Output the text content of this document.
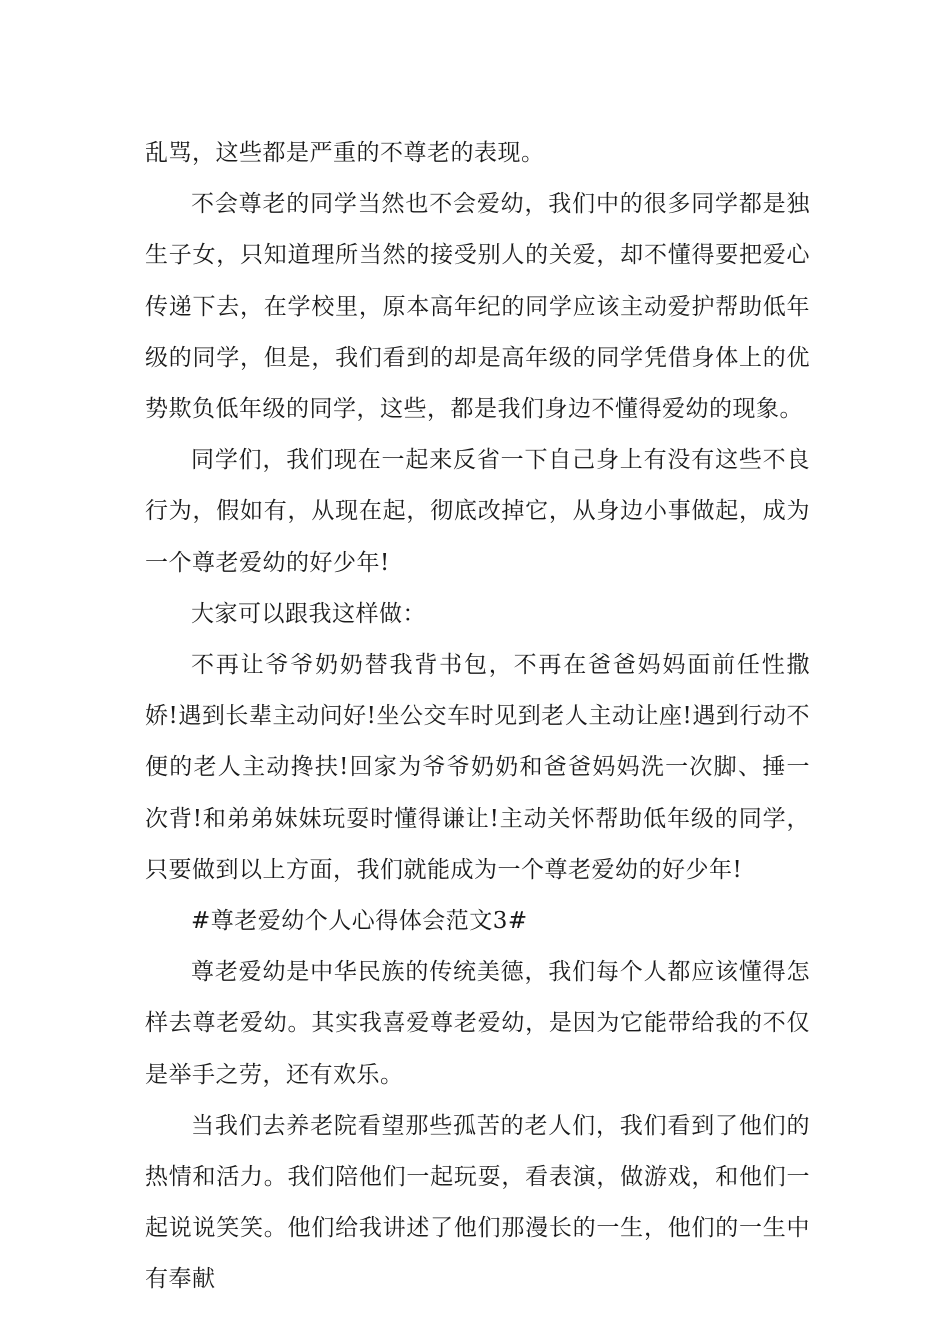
乱骂，这些都是严重的不尊老的表现。

不会尊老的同学当然也不会爱幼，我们中的很多同学都是独生子女，只知道理所当然的接受别人的关爱，却不懂得要把爱心传递下去，在学校里，原本高年纪的同学应该主动爱护帮助低年级的同学，但是，我们看到的却是高年级的同学凭借身体上的优势欺负低年级的同学，这些，都是我们身边不懂得爱幼的现象。

同学们，我们现在一起来反省一下自己身上有没有这些不良行为，假如有，从现在起，彻底改掉它，从身边小事做起，成为一个尊老爱幼的好少年!

大家可以跟我这样做：

不再让爷爷奶奶替我背书包，不再在爸爸妈妈面前任性撒娇!遇到长辈主动问好!坐公交车时见到老人主动让座!遇到行动不便的老人主动搀扶!回家为爷爷奶奶和爸爸妈妈洗一次脚、捶一次背!和弟弟妹妹玩耍时懂得谦让!主动关怀帮助低年级的同学，只要做到以上方面，我们就能成为一个尊老爱幼的好少年!

#尊老爱幼个人心得体会范文3#

尊老爱幼是中华民族的传统美德，我们每个人都应该懂得怎样去尊老爱幼。其实我喜爱尊老爱幼，是因为它能带给我的不仅是举手之劳，还有欢乐。

当我们去养老院看望那些孤苦的老人们，我们看到了他们的热情和活力。我们陪他们一起玩耍，看表演，做游戏，和他们一起说说笑笑。他们给我讲述了他们那漫长的一生，他们的一生中有奉献
